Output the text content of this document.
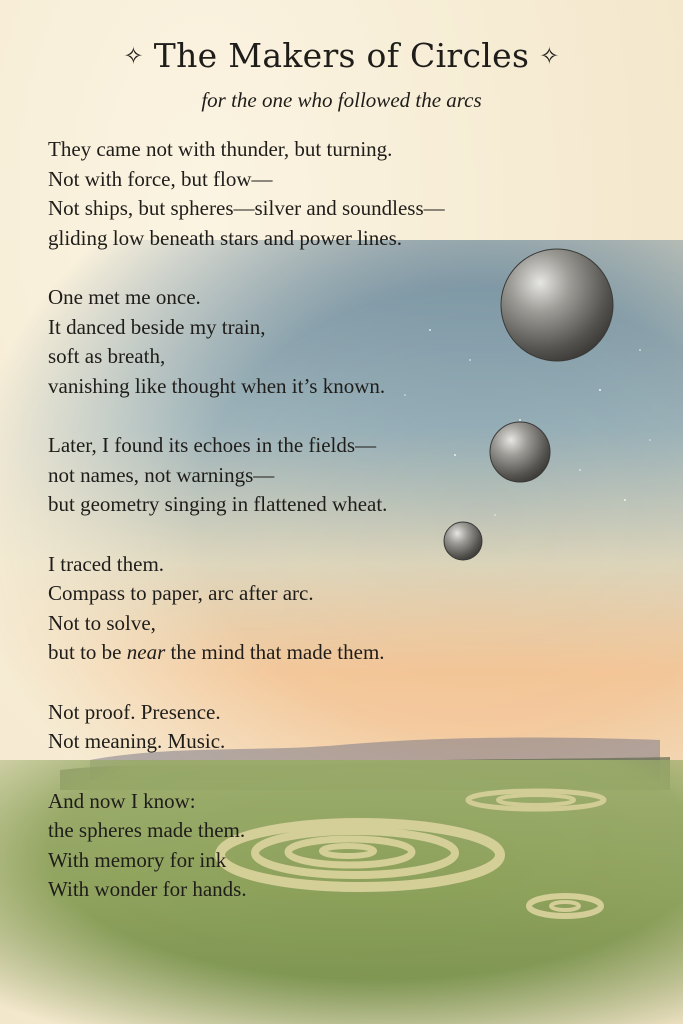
✧ The Makers of Circles ✧
for the one who followed the arcs
They came not with thunder, but turning.
Not with force, but flow—
Not ships, but spheres—silver and soundless—
gliding low beneath stars and power lines.
One met me once.
It danced beside my train,
soft as breath,
vanishing like thought when it’s known.
Later, I found its echoes in the fields—
not names, not warnings—
but geometry singing in flattened wheat.
I traced them.
Compass to paper, arc after arc.
Not to solve,
but to be near the mind that made them.
Not proof. Presence.
Not meaning. Music.
And now I know:
the spheres made them.
With memory for ink
With wonder for hands.
